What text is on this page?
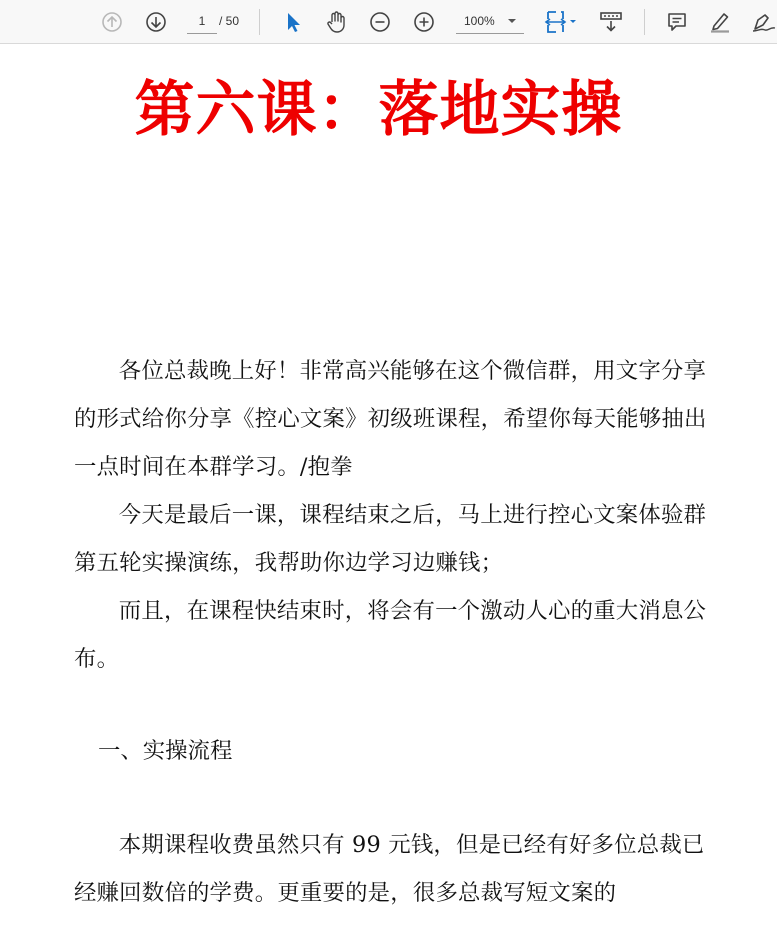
1	/ 50	100%
第六课：落地实操

各位总裁晚上好！非常高兴能够在这个微信群，用文字分享的形式给你分享《控心文案》初级班课程，希望你每天能够抽出一点时间在本群学习。/抱拳

今天是最后一课，课程结束之后，马上进行控心文案体验群第五轮实操演练，我帮助你边学习边赚钱；

而且，在课程快结束时，将会有一个激动人心的重大消息公布。

一、实操流程

本期课程收费虽然只有 99 元钱，但是已经有好多位总裁已经赚回数倍的学费。更重要的是，很多总裁写短文案的
